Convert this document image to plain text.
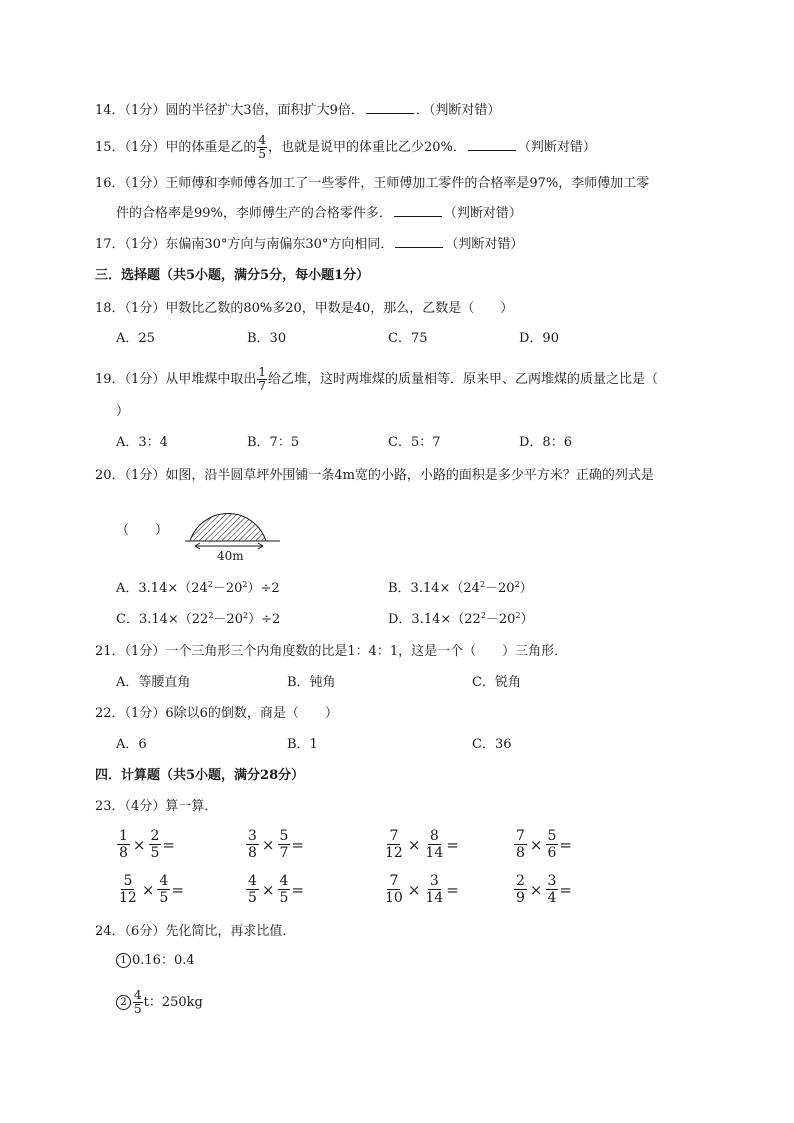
14．（1分）圆的半径扩大3倍，面积扩大9倍．	．（判断对错）
15．（1分）甲的体重是乙的 $\frac{4}{5}$ ，也就是说甲的体重比乙少20%．	（判断对错）
16．（1分）王师傅和李师傅各加工了一些零件，王师傅加工零件的合格率是97%，李师傅加工零
件的合格率是99%，李师傅生产的合格零件多．	（判断对错）
17．（1分）东偏南30°方向与南偏东30°方向相同．	（判断对错）
三．选择题（共5小题，满分5分，每小题1分）
18．（1分）甲数比乙数的80%多20，甲数是40，那么，乙数是（　　）
A．25	B．30	C．75	D．90
19．（1分）从甲堆煤中取出 $\frac{1}{7}$ 给乙堆，这时两堆煤的质量相等．原来甲、乙两堆煤的质量之比是（
）
A．3：4	B．7：5	C．5：7	D．8：6
20．（1分）如图，沿半圆草坪外围铺一条4m宽的小路，小路的面积是多少平方米？正确的列式是
（　　）
40m
A．$3.14\times(24^2-20^2)\div 2$	B．$3.14\times(24^2-20^2)$
C．$3.14\times(22^2-20^2)\div 2$	D．$3.14\times(22^2-20^2)$
21．（1分）一个三角形三个内角度数的比是1：4：1，这是一个（　　）三角形．
A．等腰直角	B．钝角	C．锐角
22．（1分）6除以6的倒数，商是（　　）
A．6	B．1	C．36
四．计算题（共5小题，满分28分）
23．（4分）算一算．
$\frac{1}{8} \times \frac{2}{5}$ =	$\frac{3}{8} \times \frac{5}{7}$ =	$\frac{7}{12} \times \frac{8}{14}$ =	$\frac{7}{8} \times \frac{5}{6}$ =
$\frac{5}{12} \times \frac{4}{5}$ =	$\frac{4}{5} \times \frac{4}{5}$ =	$\frac{7}{10} \times \frac{3}{14}$ =	$\frac{2}{9} \times \frac{3}{4}$ =
24．（6分）先化简比，再求比值．
1 0.16：0.4
$2 \frac{4}{5}$ t：250kg
